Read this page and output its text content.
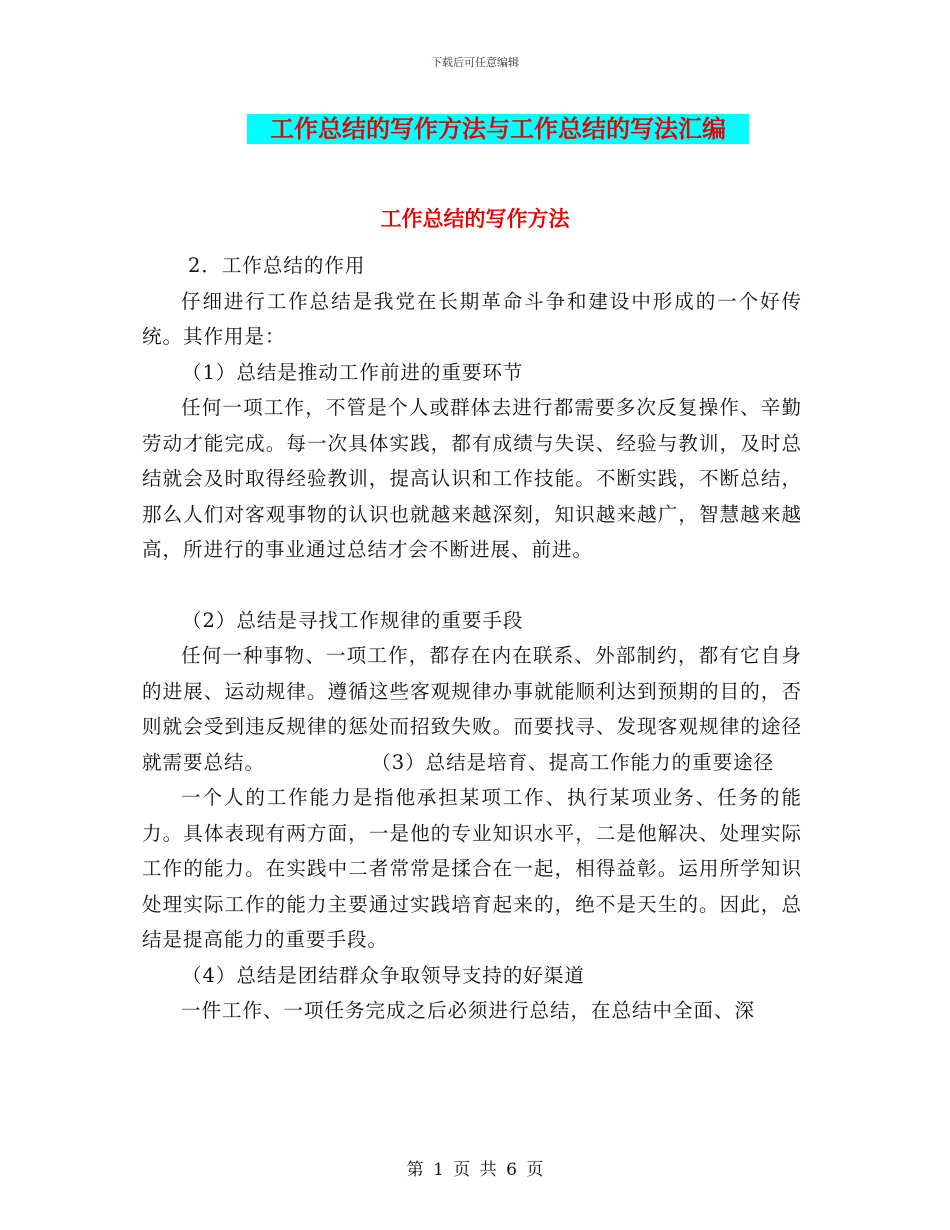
下载后可任意编辑
工作总结的写作方法与工作总结的写法汇编
工作总结的写作方法

2．工作总结的作用

仔细进行工作总结是我党在长期革命斗争和建设中形成的一个好传统。其作用是：

（1）总结是推动工作前进的重要环节

任何一项工作，不管是个人或群体去进行都需要多次反复操作、辛勤劳动才能完成。每一次具体实践，都有成绩与失误、经验与教训，及时总结就会及时取得经验教训，提高认识和工作技能。不断实践，不断总结，那么人们对客观事物的认识也就越来越深刻，知识越来越广，智慧越来越高，所进行的事业通过总结才会不断进展、前进。

（2）总结是寻找工作规律的重要手段

任何一种事物、一项工作，都存在内在联系、外部制约，都有它自身的进展、运动规律。遵循这些客观规律办事就能顺利达到预期的目的，否则就会受到违反规律的惩处而招致失败。而要找寻、发现客观规律的途径就需要总结。	（3）总结是培育、提高工作能力的重要途径

一个人的工作能力是指他承担某项工作、执行某项业务、任务的能力。具体表现有两方面，一是他的专业知识水平，二是他解决、处理实际工作的能力。在实践中二者常常是揉合在一起，相得益彰。运用所学知识处理实际工作的能力主要通过实践培育起来的，绝不是天生的。因此，总结是提高能力的重要手段。

（4）总结是团结群众争取领导支持的好渠道

一件工作、一项任务完成之后必须进行总结，在总结中全面、深

第 1 页 共 6 页
